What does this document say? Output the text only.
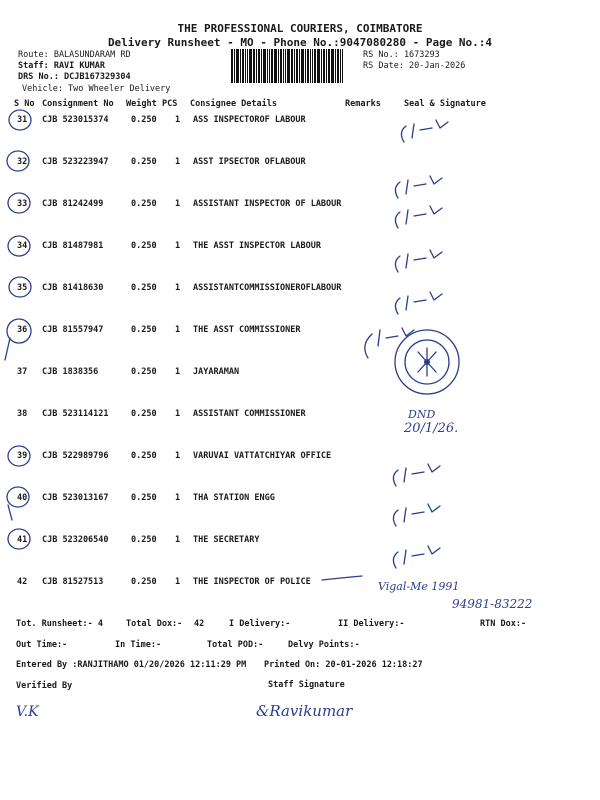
THE PROFESSIONAL COURIERS, COIMBATORE
Delivery Runsheet - MO - Phone No.:9047080280 - Page No.:4
Route: BALASUNDARAM RD
Staff: RAVI KUMAR
DRS No.: DCJB167329304
Vehicle: Two Wheeler Delivery
RS No.: 1673293
RS Date: 20-Jan-2026
S No Consignment No Weight PCS Consignee Details	Remarks	Seal & Signature
31 CJB 523015374	0.250 1 ASS INSPECTOROF LABOUR
32 CJB 523223947	0.250 1 ASST IPSECTOR OFLABOUR
33 CJB 81242499	0.250 1 ASSISTANT INSPECTOR OF LABOUR
34 CJB 81487981	0.250 1 THE ASST INSPECTOR LABOUR
35 CJB 81418630	0.250 1 ASSISTANTCOMMISSIONEROFLABOUR
36 CJB 81557947	0.250 1 THE ASST COMMISSIONER
37 CJB 1838356	0.250 1 JAYARAMAN
38 CJB 523114121	0.250 1 ASSISTANT COMMISSIONER
39 CJB 522989796	0.250 1 VARUVAI VATTATCHIYAR OFFICE
40 CJB 523013167	0.250 1 THA STATION ENGG
41 CJB 523206540	0.250 1 THE SECRETARY
42 CJB 81527513	0.250 1 THE INSPECTOR OF POLICE
Tot. Runsheet:- 4	Total Dox:- 42	I Delivery:-	II Delivery:-	RTN Dox:-
Out Time:-	In Time:-	Total POD:-	Delvy Points:-
Entered By :RANJITHAMO 01/20/2026 12:11:29 PM Printed On: 20-01-2026 12:18:27
Verified By	Staff Signature
DND
20/1/26.
Vigal-Me 1991
94981-83222
V.K	&Ravikumar
